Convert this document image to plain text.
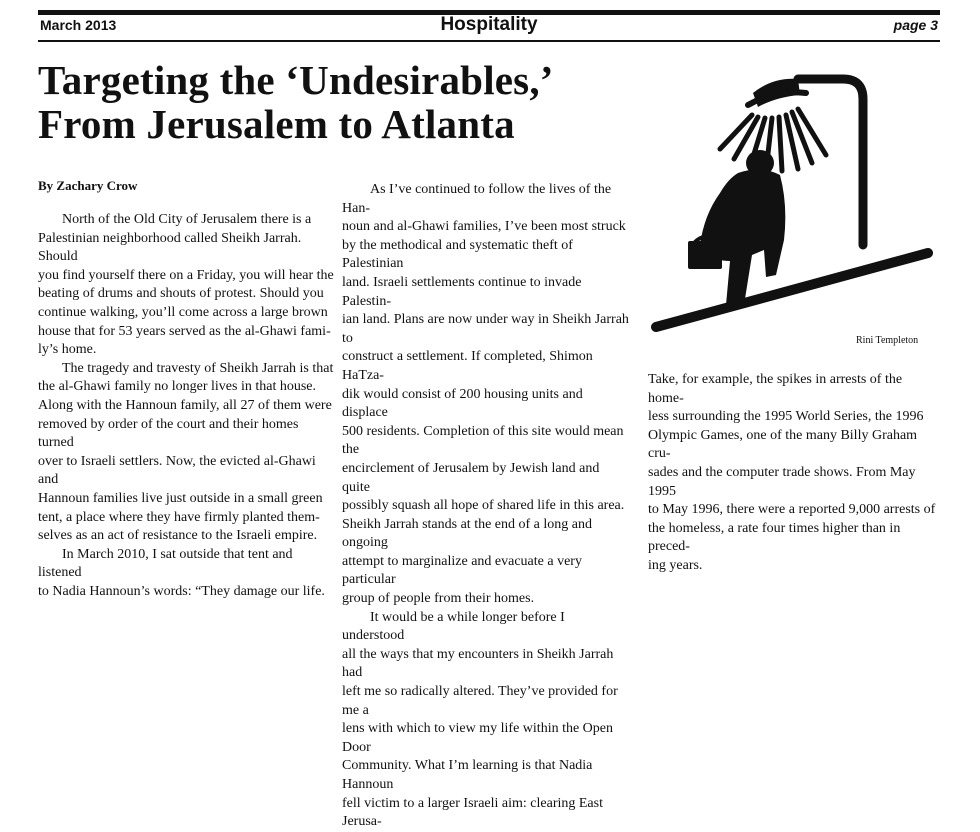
March 2013	Hospitality	page 3
Targeting the ‘Undesirables,’
From Jerusalem to Atlanta
By Zachary Crow
North of the Old City of Jerusalem there is a
Palestinian neighborhood called Sheikh Jarrah. Should
you find yourself there on a Friday, you will hear the
beating of drums and shouts of protest. Should you
continue walking, you’ll come across a large brown
house that for 53 years served as the al-Ghawi fami-
ly’s home.
The tragedy and travesty of Sheikh Jarrah is that
the al-Ghawi family no longer lives in that house.
Along with the Hannoun family, all 27 of them were
removed by order of the court and their homes turned
over to Israeli settlers. Now, the evicted al-Ghawi and
Hannoun families live just outside in a small green
tent, a place where they have firmly planted them-
selves as an act of resistance to the Israeli empire.
In March 2010, I sat outside that tent and listened
to Nadia Hannoun’s words: “They damage our life.
As I’ve continued to follow the lives of the Han-
noun and al-Ghawi families, I’ve been most struck
by the methodical and systematic theft of Palestinian
land. Israeli settlements continue to invade Palestin-
ian land. Plans are now under way in Sheikh Jarrah to
construct a settlement. If completed, Shimon HaTza-
dik would consist of 200 housing units and displace
500 residents. Completion of this site would mean the
encirclement of Jerusalem by Jewish land and quite
possibly squash all hope of shared life in this area.
Sheikh Jarrah stands at the end of a long and ongoing
attempt to marginalize and evacuate a very particular
group of people from their homes.
It would be a while longer before I understood
all the ways that my encounters in Sheikh Jarrah had
left me so radically altered. They’ve provided for me a
lens with which to view my life within the Open Door
Community. What I’m learning is that Nadia Hannoun
fell victim to a larger Israeli aim: clearing East Jerusa-
Rini Templeton
Take, for example, the spikes in arrests of the home-
less surrounding the 1995 World Series, the 1996
Olympic Games, one of the many Billy Graham cru-
sades and the computer trade shows. From May 1995
to May 1996, there were a reported 9,000 arrests of
the homeless, a rate four times higher than in preced-
ing years.
